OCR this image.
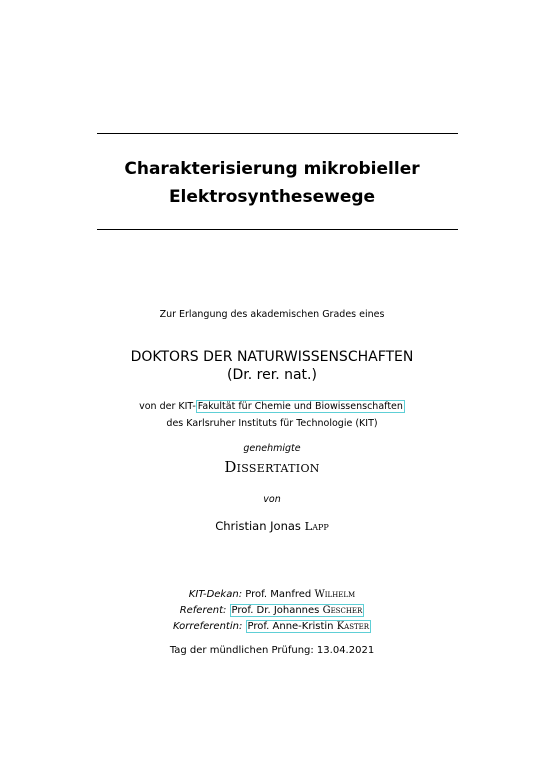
Charakterisierung mikrobieller
Elektrosynthesewege
Zur Erlangung des akademischen Grades eines
DOKTORS DER NATURWISSENSCHAFTEN
(Dr. rer. nat.)
von der KIT- Fakultät für Chemie und Biowissenschaften
des Karlsruher Instituts für Technologie (KIT)
genehmigte
Dissertation
von
Christian Jonas Lapp
KIT-Dekan: Prof. Manfred Wilhelm
Referent: Prof. Dr. Johannes Gescher
Korreferentin: Prof. Anne-Kristin Kaster
Tag der mündlichen Prüfung: 13.04.2021
